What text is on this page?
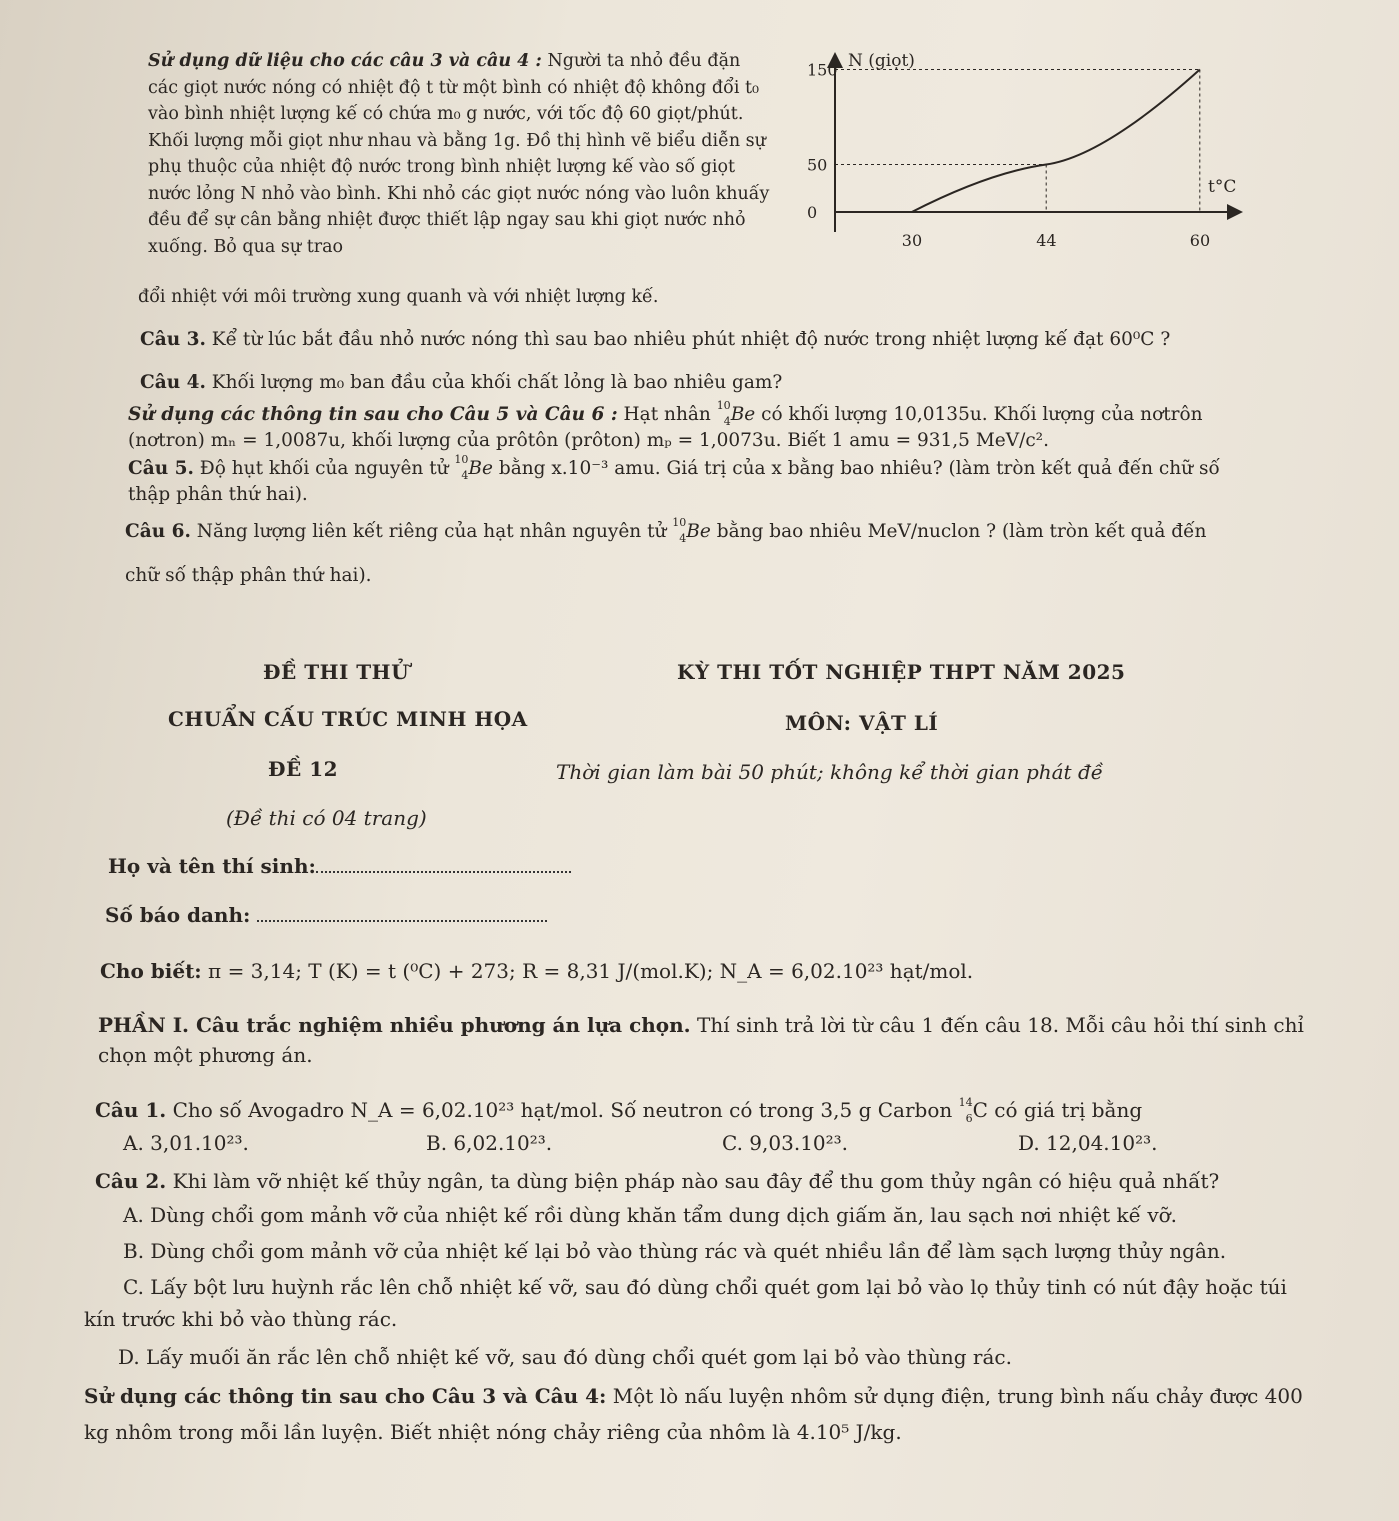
Sử dụng dữ liệu cho các câu 3 và câu 4 : Người ta nhỏ đều đặn các giọt nước nóng có nhiệt độ t từ một bình có nhiệt độ không đổi t₀ vào bình nhiệt lượng kế có chứa m₀ g nước, với tốc độ 60 giọt/phút. Khối lượng mỗi giọt như nhau và bằng 1g. Đồ thị hình vẽ biểu diễn sự phụ thuộc của nhiệt độ nước trong bình nhiệt lượng kế vào số giọt nước lỏng N nhỏ vào bình. Khi nhỏ các giọt nước nóng vào luôn khuấy đều để sự cân bằng nhiệt được thiết lập ngay sau khi giọt nước nhỏ xuống. Bỏ qua sự trao
đổi nhiệt với môi trường xung quanh và với nhiệt lượng kế.
N (giọt)
t°C
0
50
150
30	44	60
Câu 3. Kể từ lúc bắt đầu nhỏ nước nóng thì sau bao nhiêu phút nhiệt độ nước trong nhiệt lượng kế đạt 60⁰C ?
Câu 4. Khối lượng m₀ ban đầu của khối chất lỏng là bao nhiêu gam?
Sử dụng các thông tin sau cho Câu 5 và Câu 6 : Hạt nhân 10
4 Be có khối lượng 10,0135u. Khối lượng của nơtrôn
(nơtron) mₙ = 1,0087u, khối lượng của prôtôn (prôton) mₚ = 1,0073u. Biết 1 amu = 931,5 MeV/c².
Câu 5. Độ hụt khối của nguyên tử 10
4 Be bằng x.10⁻³ amu. Giá trị của x bằng bao nhiêu? (làm tròn kết quả đến chữ số
thập phân thứ hai).
Câu 6. Năng lượng liên kết riêng của hạt nhân nguyên tử 10
4 Be bằng bao nhiêu MeV/nuclon ? (làm tròn kết quả đến
chữ số thập phân thứ hai).
ĐỀ THI THỬ	KỲ THI TỐT NGHIỆP THPT NĂM 2025
CHUẨN CẤU TRÚC MINH HỌA	MÔN: VẬT LÍ
ĐỀ 12	Thời gian làm bài 50 phút; không kể thời gian phát đề
(Đề thi có 04 trang)
Họ và tên thí sinh:
Số báo danh:
Cho biết: π = 3,14; T (K) = t (⁰C) + 273; R = 8,31 J/(mol.K); N_A = 6,02.10²³ hạt/mol.
PHẦN I. Câu trắc nghiệm nhiều phương án lựa chọn. Thí sinh trả lời từ câu 1 đến câu 18. Mỗi câu hỏi thí sinh chỉ
chọn một phương án.
Câu 1. Cho số Avogadro N_A = 6,02.10²³ hạt/mol. Số neutron có trong 3,5 g Carbon 14
6 C có giá trị bằng
A. 3,01.10²³.	B. 6,02.10²³.	C. 9,03.10²³.	D. 12,04.10²³.
Câu 2. Khi làm vỡ nhiệt kế thủy ngân, ta dùng biện pháp nào sau đây để thu gom thủy ngân có hiệu quả nhất?
A. Dùng chổi gom mảnh vỡ của nhiệt kế rồi dùng khăn tẩm dung dịch giấm ăn, lau sạch nơi nhiệt kế vỡ.
B. Dùng chổi gom mảnh vỡ của nhiệt kế lại bỏ vào thùng rác và quét nhiều lần để làm sạch lượng thủy ngân.
C. Lấy bột lưu huỳnh rắc lên chỗ nhiệt kế vỡ, sau đó dùng chổi quét gom lại bỏ vào lọ thủy tinh có nút đậy hoặc túi
kín trước khi bỏ vào thùng rác.
D. Lấy muối ăn rắc lên chỗ nhiệt kế vỡ, sau đó dùng chổi quét gom lại bỏ vào thùng rác.
Sử dụng các thông tin sau cho Câu 3 và Câu 4: Một lò nấu luyện nhôm sử dụng điện, trung bình nấu chảy được 400
kg nhôm trong mỗi lần luyện. Biết nhiệt nóng chảy riêng của nhôm là 4.10⁵ J/kg.
